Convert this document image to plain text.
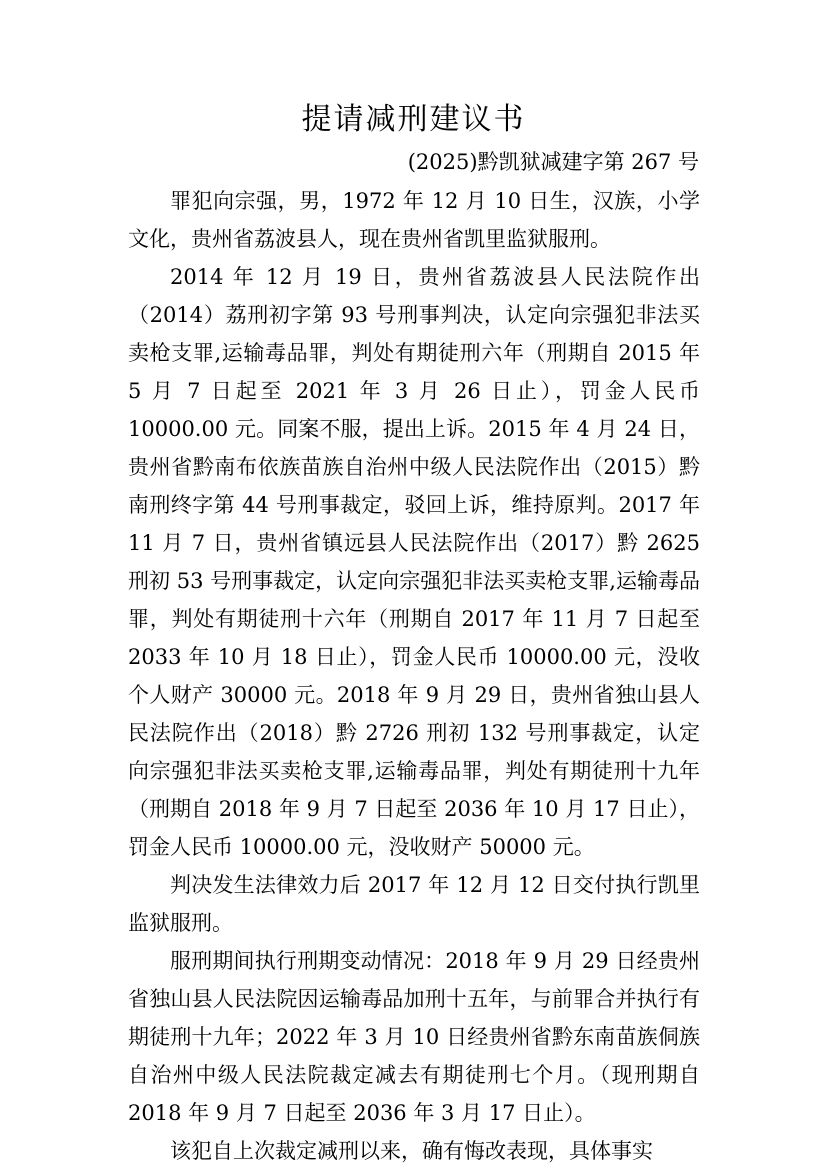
提请减刑建议书
(2025)黔凯狱减建字第 267 号

罪犯向宗强，男，1972 年 12 月 10 日生，汉族，小学文化，贵州省荔波县人，现在贵州省凯里监狱服刑。

2014 年 12 月 19 日，贵州省荔波县人民法院作出（2014）荔刑初字第 93 号刑事判决，认定向宗强犯非法买卖枪支罪,运输毒品罪，判处有期徒刑六年（刑期自 2015 年 5 月 7 日起至 2021 年 3 月 26 日止），罚金人民币 10000.00 元。同案不服，提出上诉。2015 年 4 月 24 日，贵州省黔南布依族苗族自治州中级人民法院作出（2015）黔南刑终字第 44 号刑事裁定，驳回上诉，维持原判。2017 年 11 月 7 日，贵州省镇远县人民法院作出（2017）黔 2625 刑初 53 号刑事裁定，认定向宗强犯非法买卖枪支罪,运输毒品罪，判处有期徒刑十六年（刑期自 2017 年 11 月 7 日起至 2033 年 10 月 18 日止），罚金人民币 10000.00 元，没收个人财产 30000 元。2018 年 9 月 29 日，贵州省独山县人民法院作出（2018）黔 2726 刑初 132 号刑事裁定，认定向宗强犯非法买卖枪支罪,运输毒品罪，判处有期徒刑十九年（刑期自 2018 年 9 月 7 日起至 2036 年 10 月 17 日止），罚金人民币 10000.00 元，没收财产 50000 元。

判决发生法律效力后 2017 年 12 月 12 日交付执行凯里监狱服刑。

服刑期间执行刑期变动情况：2018 年 9 月 29 日经贵州省独山县人民法院因运输毒品加刑十五年，与前罪合并执行有期徒刑十九年；2022 年 3 月 10 日经贵州省黔东南苗族侗族自治州中级人民法院裁定减去有期徒刑七个月。（现刑期自 2018 年 9 月 7 日起至 2036 年 3 月 17 日止）。

该犯自上次裁定减刑以来，确有悔改表现，具体事实
